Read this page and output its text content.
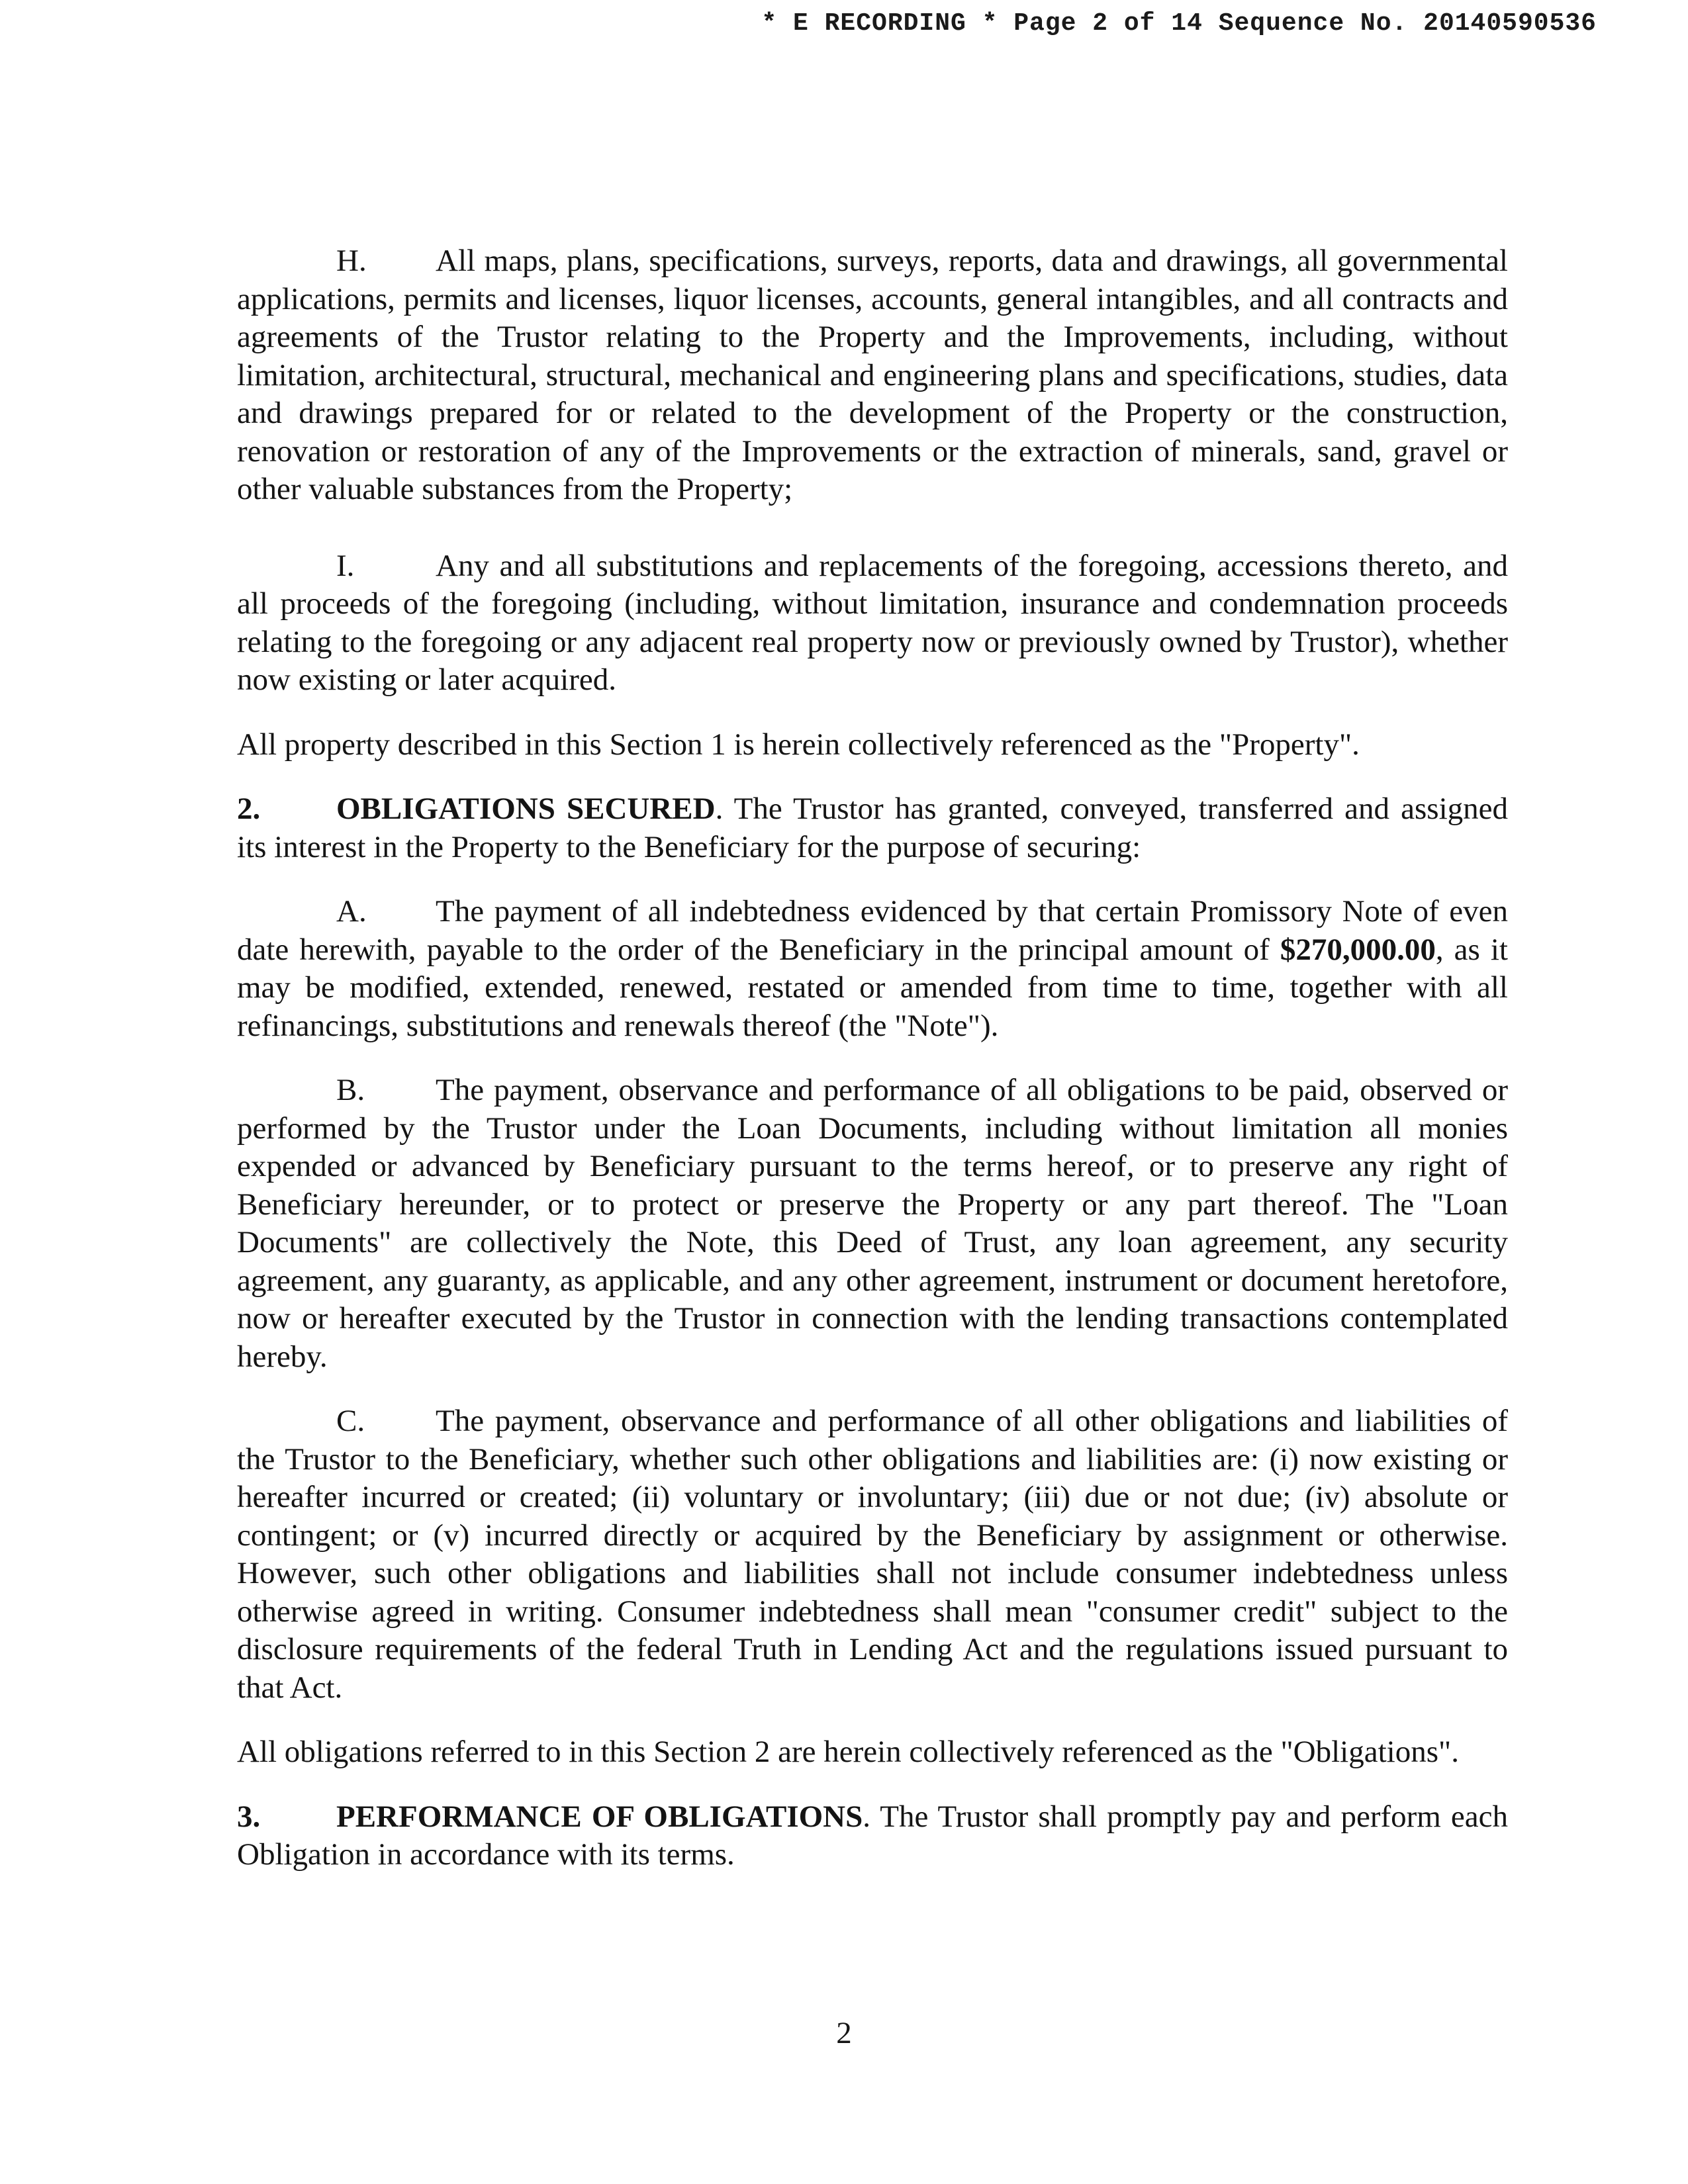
* E RECORDING * Page 2 of 14 Sequence No. 20140590536

H. All maps, plans, specifications, surveys, reports, data and drawings, all governmental applications, permits and licenses, liquor licenses, accounts, general intangibles, and all contracts and agreements of the Trustor relating to the Property and the Improvements, including, without limitation, architectural, structural, mechanical and engineering plans and specifications, studies, data and drawings prepared for or related to the development of the Property or the construction, renovation or restoration of any of the Improvements or the extraction of minerals, sand, gravel or other valuable substances from the Property;

I.	Any and all substitutions and replacements of the foregoing, accessions thereto, and all proceeds of the foregoing (including, without limitation, insurance and condemnation proceeds relating to the foregoing or any adjacent real property now or previously owned by Trustor), whether now existing or later acquired.

All property described in this Section 1 is herein collectively referenced as the "Property".

2. OBLIGATIONS SECURED. The Trustor has granted, conveyed, transferred and assigned its interest in the Property to the Beneficiary for the purpose of securing:

A. The payment of all indebtedness evidenced by that certain Promissory Note of even date herewith, payable to the order of the Beneficiary in the principal amount of $270,000.00, as it may be modified, extended, renewed, restated or amended from time to time, together with all refinancings, substitutions and renewals thereof (the "Note").

B. The payment, observance and performance of all obligations to be paid, observed or performed by the Trustor under the Loan Documents, including without limitation all monies expended or advanced by Beneficiary pursuant to the terms hereof, or to preserve any right of Beneficiary hereunder, or to protect or preserve the Property or any part thereof. The "Loan Documents" are collectively the Note, this Deed of Trust, any loan agreement, any security agreement, any guaranty, as applicable, and any other agreement, instrument or document heretofore, now or hereafter executed by the Trustor in connection with the lending transactions contemplated hereby.

C. The payment, observance and performance of all other obligations and liabilities of the Trustor to the Beneficiary, whether such other obligations and liabilities are: (i) now existing or hereafter incurred or created; (ii) voluntary or involuntary; (iii) due or not due; (iv) absolute or contingent; or (v) incurred directly or acquired by the Beneficiary by assignment or otherwise. However, such other obligations and liabilities shall not include consumer indebtedness unless otherwise agreed in writing. Consumer indebtedness shall mean "consumer credit" subject to the disclosure requirements of the federal Truth in Lending Act and the regulations issued pursuant to that Act.

All obligations referred to in this Section 2 are herein collectively referenced as the "Obligations".

3. PERFORMANCE OF OBLIGATIONS. The Trustor shall promptly pay and perform each Obligation in accordance with its terms.

2
